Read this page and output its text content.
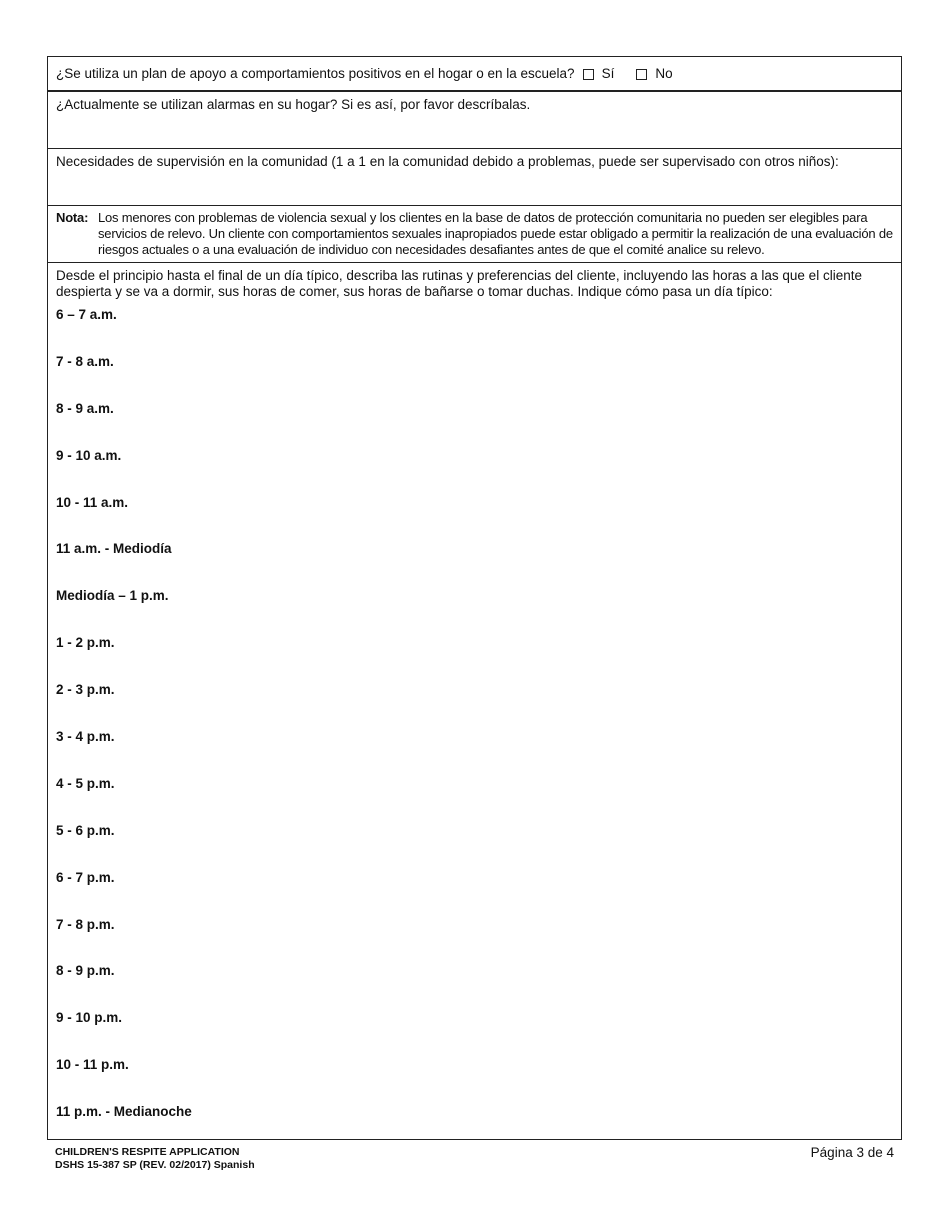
¿Se utiliza un plan de apoyo a comportamientos positivos en el hogar o en la escuela? Sí	No
¿Actualmente se utilizan alarmas en su hogar? Si es así, por favor descríbalas.
Necesidades de supervisión en la comunidad (1 a 1 en la comunidad debido a problemas, puede ser supervisado con otros niños):
Nota: Los menores con problemas de violencia sexual y los clientes en la base de datos de protección comunitaria no pueden ser elegibles para servicios de relevo. Un cliente con comportamientos sexuales inapropiados puede estar obligado a permitir la realización de una evaluación de riesgos actuales o a una evaluación de individuo con necesidades desafiantes antes de que el comité analice su relevo.
Desde el principio hasta el final de un día típico, describa las rutinas y preferencias del cliente, incluyendo las horas a las que el cliente despierta y se va a dormir, sus horas de comer, sus horas de bañarse o tomar duchas. Indique cómo pasa un día típico:
6 – 7 a.m.
7 - 8 a.m.
8 - 9 a.m.
9 - 10 a.m.
10 - 11 a.m.
11 a.m. - Mediodía
Mediodía – 1 p.m.
1 - 2 p.m.
2 - 3 p.m.
3 - 4 p.m.
4 - 5 p.m.
5 - 6 p.m.
6 - 7 p.m.
7 - 8 p.m.
8 - 9 p.m.
9 - 10 p.m.
10 - 11 p.m.
11 p.m. - Medianoche
CHILDREN'S RESPITE APPLICATION
DSHS 15-387 SP (REV. 02/2017) Spanish
Página 3 de 4
